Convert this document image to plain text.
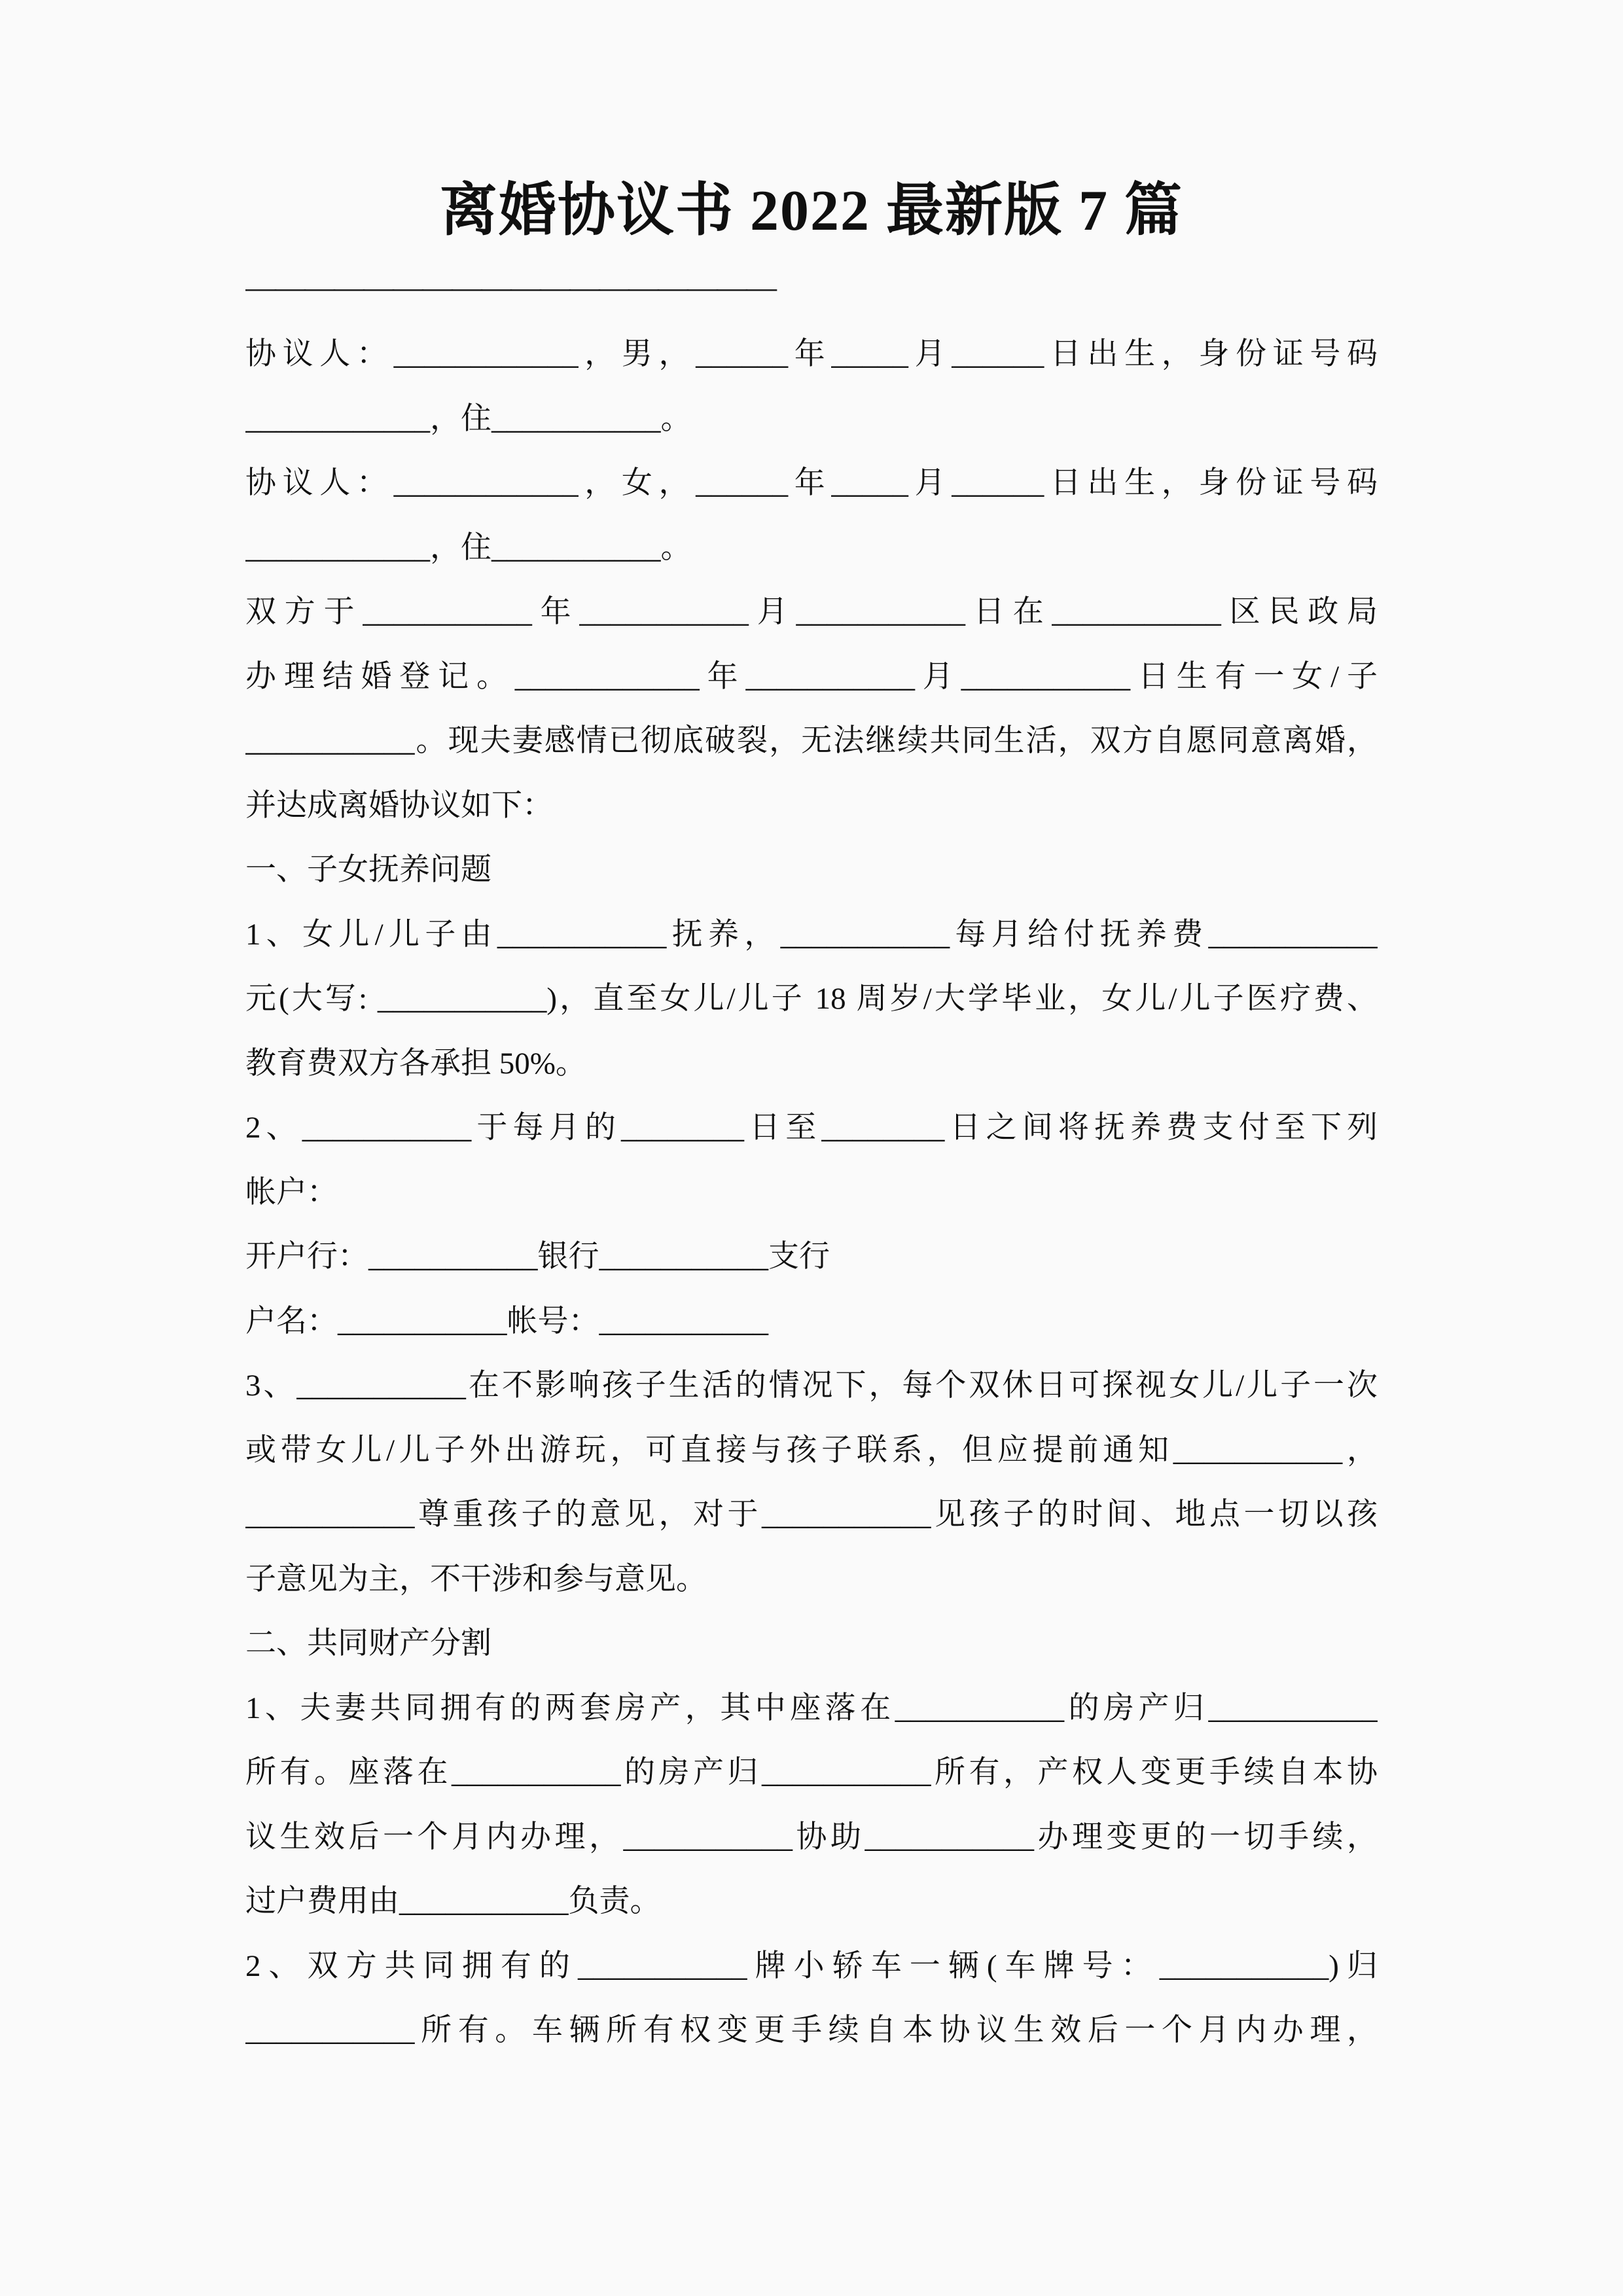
离婚协议书 2022 最新版 7 篇
——————————————————
协议人：____________，男，______年_____月______日出生，身份证号码
____________，住___________。
协议人：____________，女，______年_____月______日出生，身份证号码
____________，住___________。
双方于___________年___________月___________日在___________区民政局
办理结婚登记。____________年___________月___________日生有一女/子
___________。现夫妻感情已彻底破裂，无法继续共同生活，双方自愿同意离婚，
并达成离婚协议如下：
一、子女抚养问题
1、女儿/儿子由___________抚养，___________每月给付抚养费___________
元(大写: ___________)，直至女儿/儿子 18 周岁/大学毕业，女儿/儿子医疗费、
教育费双方各承担 50%。
2、___________于每月的________日至________日之间将抚养费支付至下列
帐户：
开户行：___________银行___________支行
户名：___________帐号：___________
3、___________在不影响孩子生活的情况下，每个双休日可探视女儿/儿子一次
或带女儿/儿子外出游玩，可直接与孩子联系，但应提前通知___________，
___________尊重孩子的意见，对于___________见孩子的时间、地点一切以孩
子意见为主，不干涉和参与意见。
二、共同财产分割
1、夫妻共同拥有的两套房产，其中座落在___________的房产归___________
所有。座落在___________的房产归___________所有，产权人变更手续自本协
议生效后一个月内办理，___________协助___________办理变更的一切手续，
过户费用由___________负责。
2、双方共同拥有的___________牌小轿车一辆(车牌号：___________)归
___________所有。车辆所有权变更手续自本协议生效后一个月内办理，
